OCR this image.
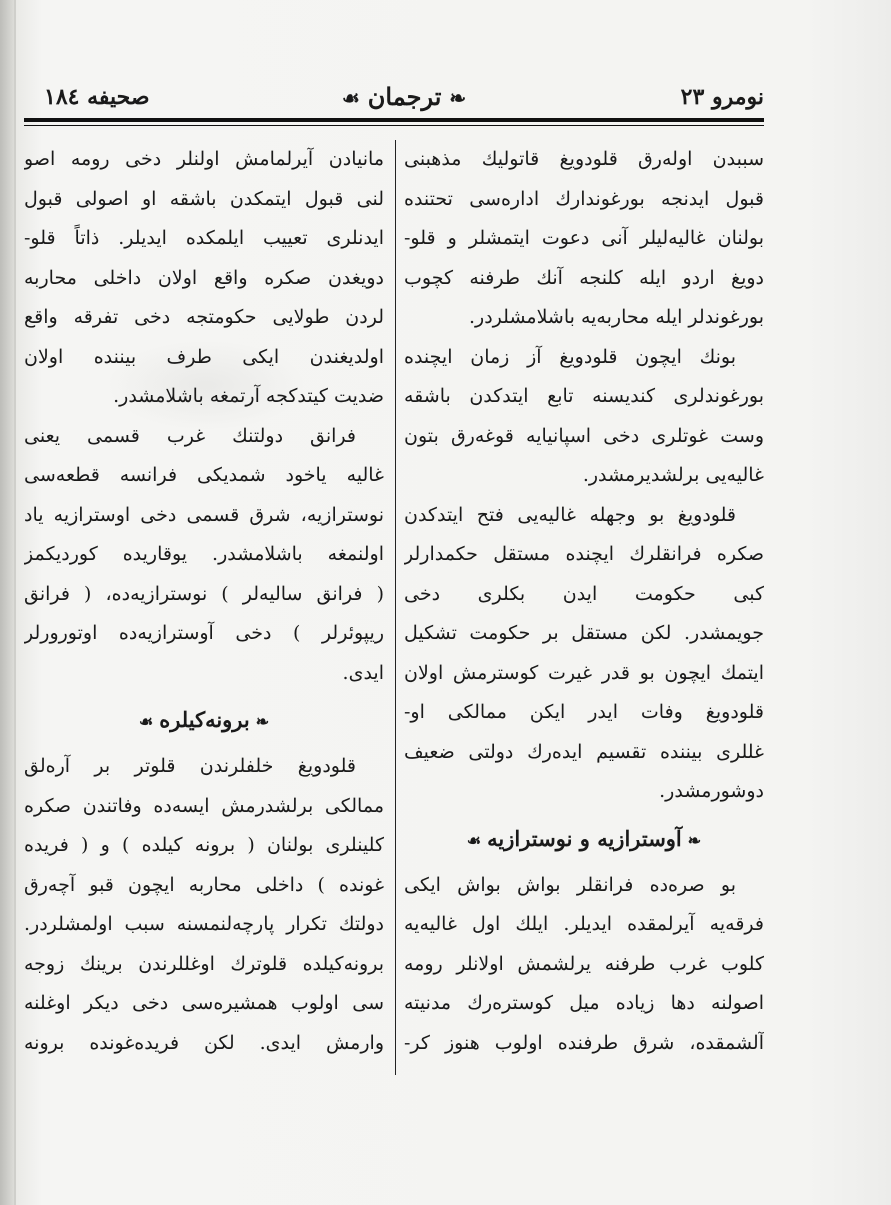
نومرو ۲۳
❧ترجمان☙
صحیفه ۱۸٤
سببدن اولەرق قلودویغ قاتولیك مذهبنی
قبول ایدنجه بورغوندارك ادارەسی تحتنده
بولنان غالیەلیلر آنی دعوت ایتمشلر و قلو-
دویغ اردو ایله کلنجه آنك طرفنه کچوب
بورغوندلر ایله محاربەیه باشلامشلردر.
بونك ایچون قلودویغ آز زمان ایچنده
بورغوندلری کندیسنه تابع ایتدکدن باشقه
وست غوتلری دخی اسپانیایه قوغەرق بتون
غالیەیی برلشدیرمشدر.
قلودویغ بو وجهله غالیەیی فتح ایتدکدن
صکره فرانقلرك ایچنده مستقل حکمدارلر
کبی حکومت ایدن بکلری دخی
جویمشدر. لکن مستقل بر حکومت تشکیل
ایتمك ایچون بو قدر غیرت کوسترمش اولان
قلودویغ وفات ایدر ایکن ممالکی او-
غللری بیننده تقسیم ایدەرك دولتی ضعیف
دوشورمشدر.
❧آوسترازیه و نوسترازیه☙
بو صرەده فرانقلر بواش بواش ایکی
فرقەیه آیرلمقده ایدیلر. ایلك اول غالیەیه
کلوب غرب طرفنه یرلشمش اولانلر رومه
اصولنه دها زیاده میل کوسترەرك مدنیته
آلشمقده، شرق طرفنده اولوب هنوز کر-
مانیادن آیرلمامش اولنلر دخی رومه اصو
لنی قبول ایتمکدن باشقه او اصولی قبول
ایدنلری تعییب ایلمکده ایدیلر. ذاتاً قلو-
دویغدن صکره واقع اولان داخلی محاربه
لردن طولایی حکومتجه دخی تفرقه واقع
اولدیغندن ایکی طرف بیننده اولان
ضدیت کیتدکجه آرتمغه باشلامشدر.
فرانق دولتنك غرب قسمی یعنی
غالیه یاخود شمدیکی فرانسه قطعەسی
نوسترازیه، شرق قسمی دخی اوسترازیه یاد
اولنمغه باشلامشدر. یوقاریده کوردیکمز
( فرانق سالیەلر ) نوسترازیەده، ( فرانق
ریپوئرلر ) دخی آوسترازیەده اوتورورلر
ایدی.
❧برونەکیلره☙
قلودویغ خلفلرندن قلوتر بر آرەلق
ممالکی برلشدرمش ایسەده وفاتندن صکره
کلینلری بولنان ( برونه کیلده ) و ( فریده
غونده ) داخلی محاربه ایچون قبو آچەرق
دولتك تکرار پارچەلنمسنه سبب اولمشلردر.
برونەکیلده قلوترك اوغللرندن برینك زوجه
سی اولوب همشیرەسی دخی دیکر اوغلنه
وارمش ایدی. لکن فریدەغونده برونه
